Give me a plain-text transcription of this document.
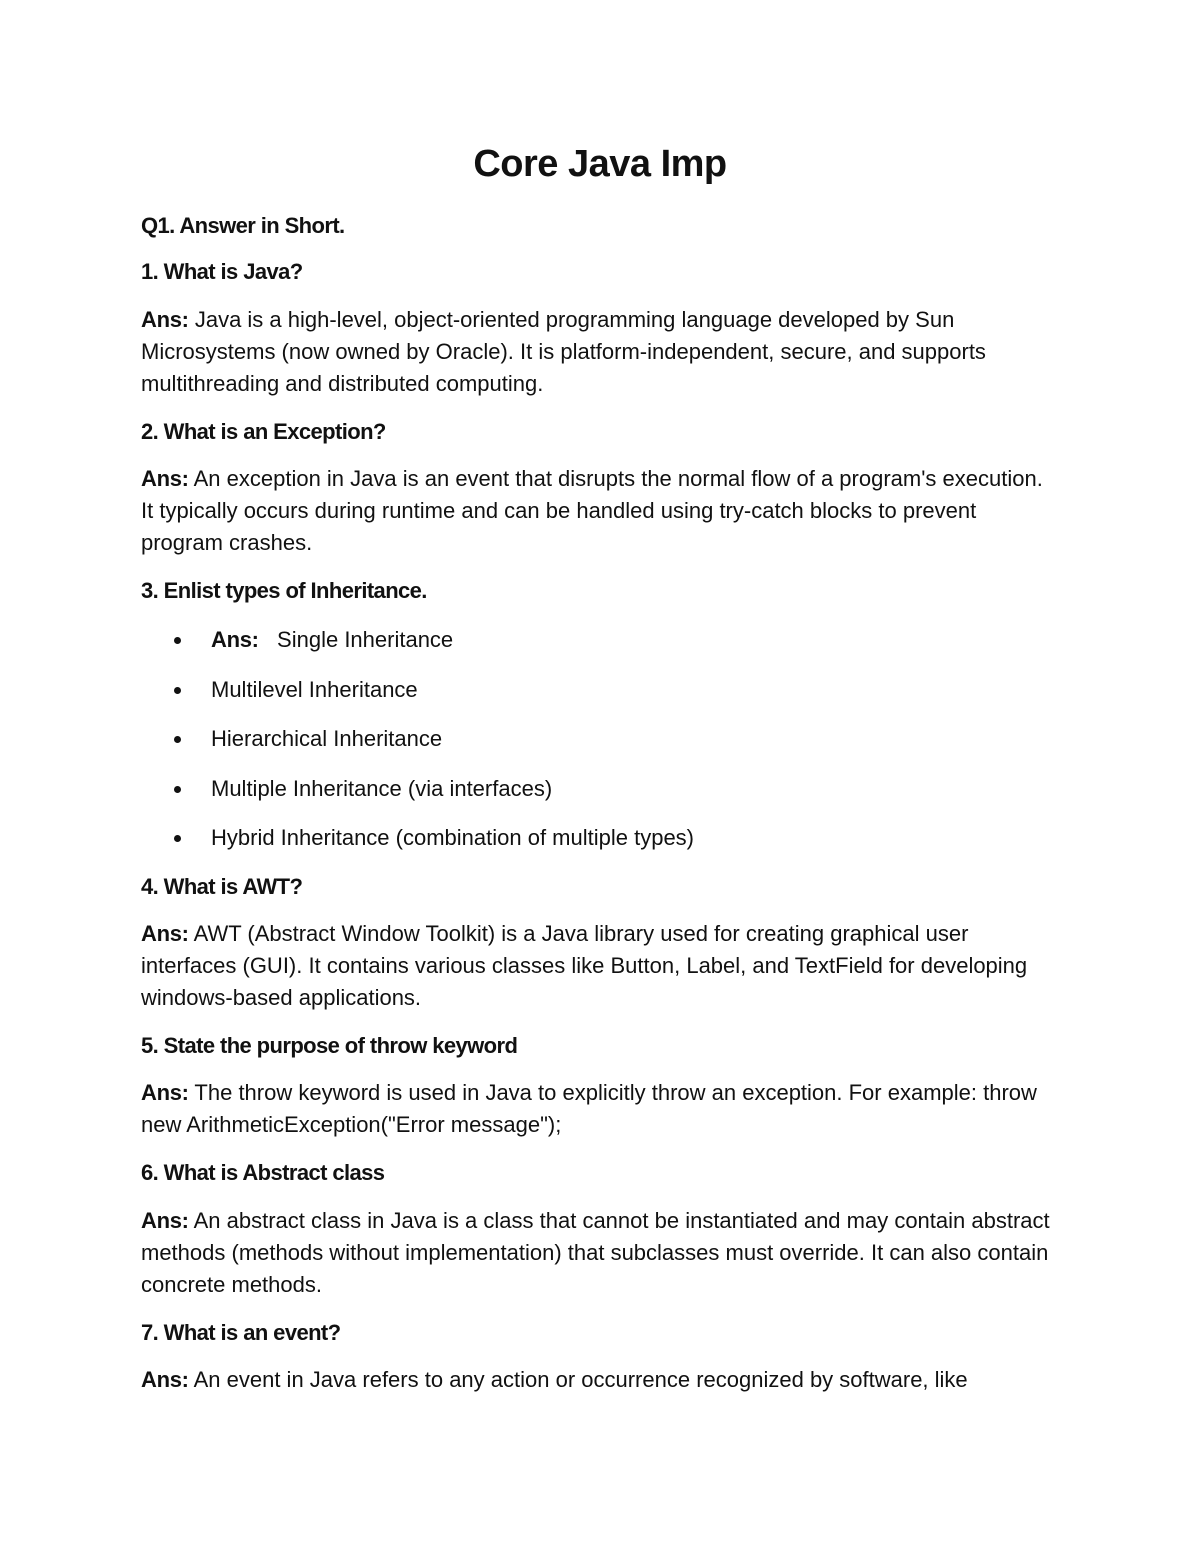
Core Java Imp
Q1. Answer in Short.
1. What is Java?
Ans: Java is a high-level, object-oriented programming language developed by Sun Microsystems (now owned by Oracle). It is platform-independent, secure, and supports multithreading and distributed computing.
2. What is an Exception?
Ans: An exception in Java is an event that disrupts the normal flow of a program's execution. It typically occurs during runtime and can be handled using try-catch blocks to prevent program crashes.
3. Enlist types of Inheritance.
Ans: Single Inheritance
Multilevel Inheritance
Hierarchical Inheritance
Multiple Inheritance (via interfaces)
Hybrid Inheritance (combination of multiple types)
4. What is AWT?
Ans: AWT (Abstract Window Toolkit) is a Java library used for creating graphical user interfaces (GUI). It contains various classes like Button, Label, and TextField for developing windows-based applications.
5. State the purpose of throw keyword
Ans: The throw keyword is used in Java to explicitly throw an exception. For example: throw new ArithmeticException("Error message");
6. What is Abstract class
Ans: An abstract class in Java is a class that cannot be instantiated and may contain abstract methods (methods without implementation) that subclasses must override. It can also contain concrete methods.
7. What is an event?
Ans: An event in Java refers to any action or occurrence recognized by software, like
